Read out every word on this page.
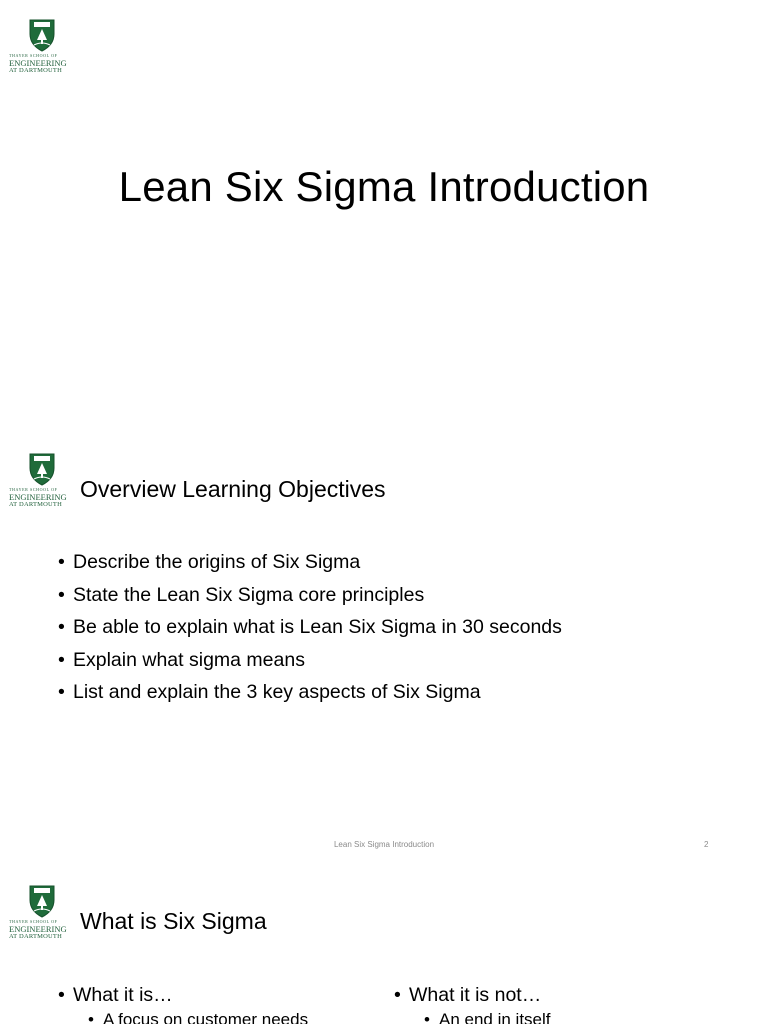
THAYER SCHOOL OF
ENGINEERING
AT DARTMOUTH
Lean Six Sigma Introduction
THAYER SCHOOL OF
ENGINEERING
AT DARTMOUTH
Overview Learning Objectives
• Describe the origins of Six Sigma
• State the Lean Six Sigma core principles
• Be able to explain what is Lean Six Sigma in 30 seconds
• Explain what sigma means
• List and explain the 3 key aspects of Six Sigma
Lean Six Sigma Introduction	2
THAYER SCHOOL OF
ENGINEERING
AT DARTMOUTH
What is Six Sigma
• What it is…
• A focus on customer needs
• What it is not…
• An end in itself
